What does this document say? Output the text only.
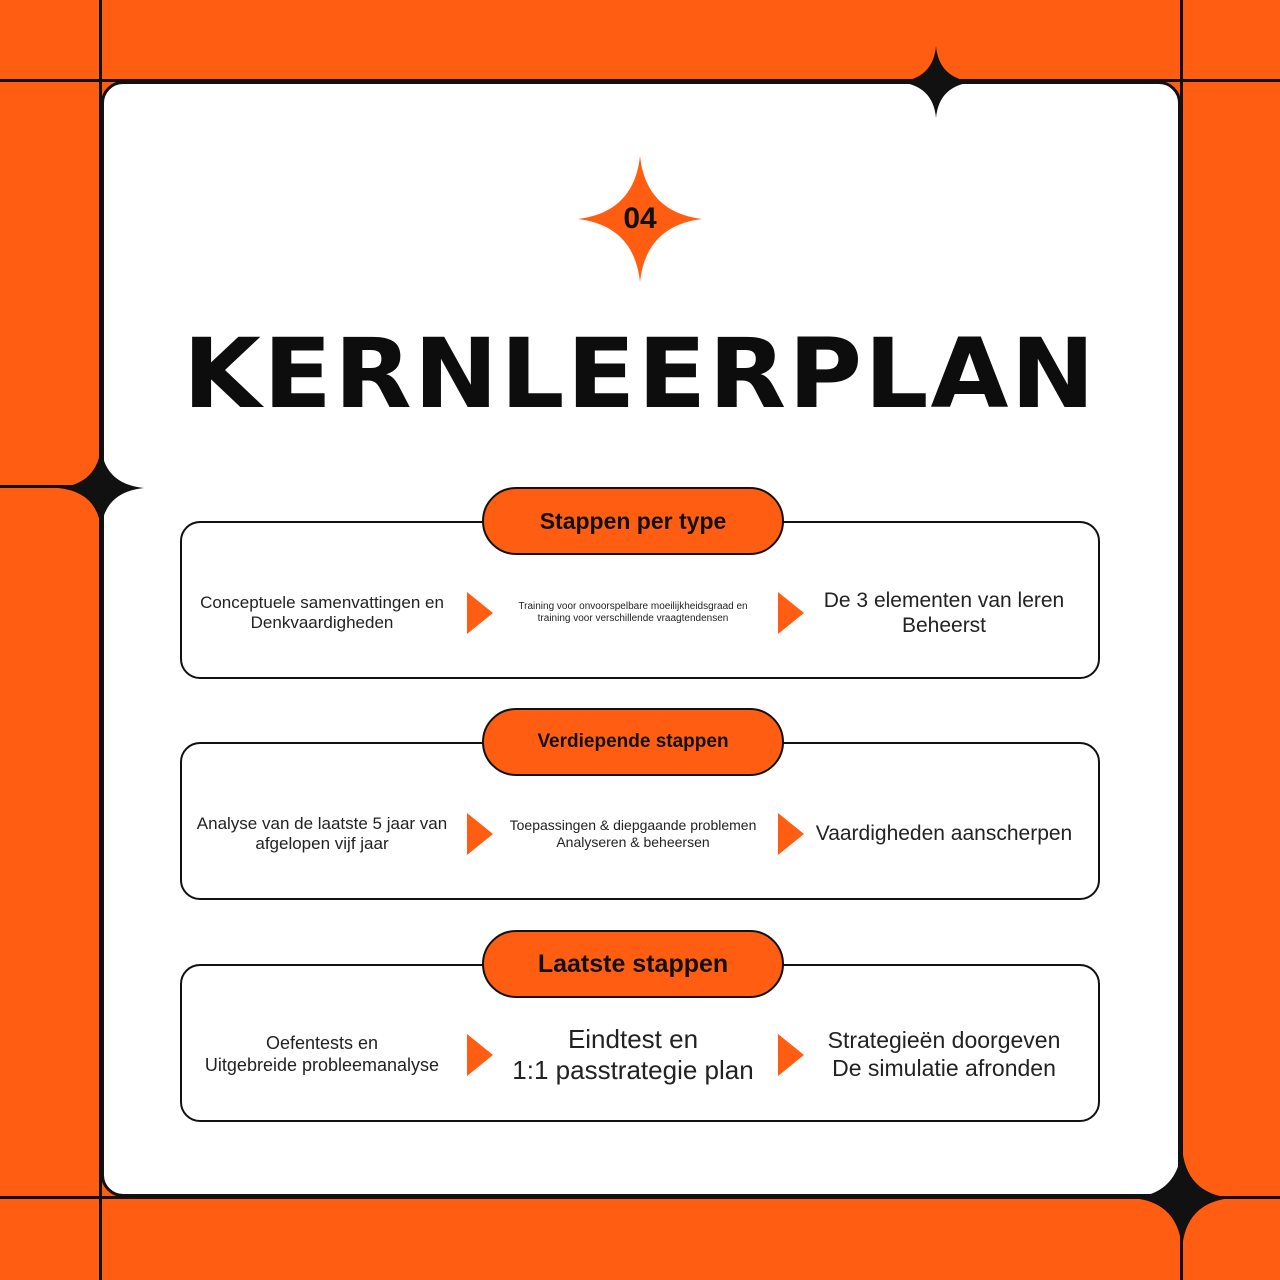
04
KERNLEERPLAN
Stappen per type
Conceptuele samenvattingen en
Denkvaardigheden
Training voor onvoorspelbare moeilijkheidsgraad en
training voor verschillende vraagtendensen
De 3 elementen van leren
Beheerst
Verdiepende stappen
Analyse van de laatste 5 jaar van
afgelopen vijf jaar
Toepassingen & diepgaande problemen
Analyseren & beheersen	Vaardigheden aanscherpen
Laatste stappen
Oefentests en
Uitgebreide probleemanalyse
Eindtest en
1:1 passtrategie plan
Strategieën doorgeven
De simulatie afronden
